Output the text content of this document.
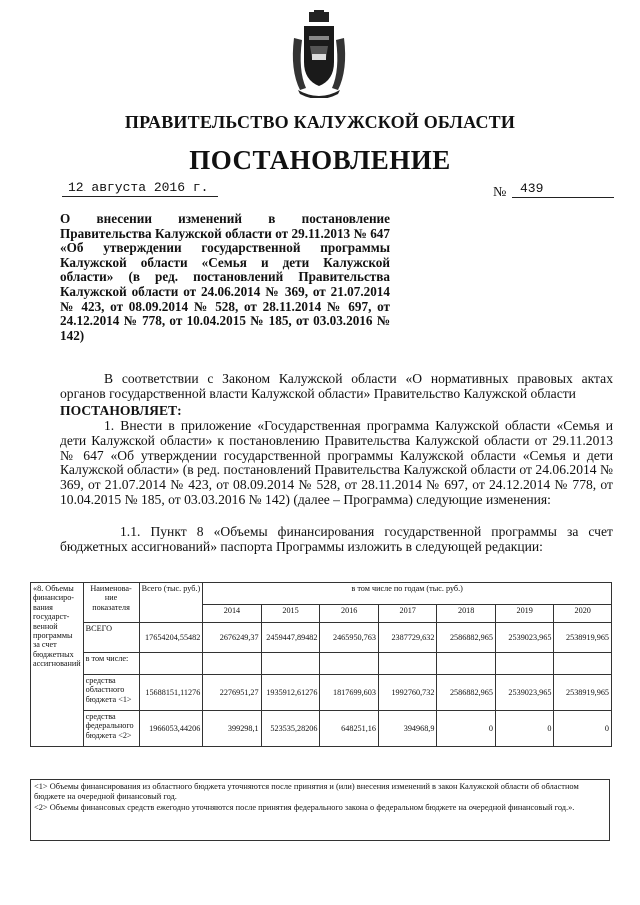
ПРАВИТЕЛЬСТВО КАЛУЖСКОЙ ОБЛАСТИ
ПОСТАНОВЛЕНИЕ
12 августа 2016 г.	№	439
О внесении изменений в постановление Правительства Калужской области от 29.11.2013 № 647 «Об утверждении государственной программы Калужской области «Семья и дети Калужской области» (в ред. постановлений Правительства Калужской области от 24.06.2014 № 369, от 21.07.2014 № 423, от 08.09.2014 № 528, от 28.11.2014 № 697, от 24.12.2014 № 778, от 10.04.2015 № 185, от 03.03.2016 № 142)
В соответствии с Законом Калужской области «О нормативных правовых актах органов государственной власти Калужской области» Правительство Калужской области
ПОСТАНОВЛЯЕТ:
1. Внести в приложение «Государственная программа Калужской области «Семья и дети Калужской области» к постановлению Правительства Калужской области от 29.11.2013 № 647 «Об утверждении государственной программы Калужской области «Семья и дети Калужской области» (в ред. постановлений Правительства Калужской области от 24.06.2014 № 369, от 21.07.2014 № 423, от 08.09.2014 № 528, от 28.11.2014 № 697, от 24.12.2014 № 778, от 10.04.2015 № 185, от 03.03.2016 № 142) (далее – Программа) следующие изменения:
1.1. Пункт 8 «Объемы финансирования государственной программы за счет бюджетных ассигнований» паспорта Программы изложить в следующей редакции:
«8. Объемы финансиро-вания государст-венной программы за счет бюджетных ассигнований	Наименова-ние показателя	Всего (тыс. руб.)	в том числе по годам (тыс. руб.)						
			2014	2015	2016	2017	2018	2019	2020
	ВСЕГО	17654204,55482	2676249,37	2459447,89482	2465950,763	2387729,632	2586882,965	2539023,965	2538919,965
	в том числе:								
	средства областного бюджета <1>	15688151,11276	2276951,27	1935912,61276	1817699,603	1992760,732	2586882,965	2539023,965	2538919,965
	средства федерального бюджета <2>	1966053,44206	399298,1	523535,28206	648251,16	394968,9	0	0	0
<1> Объемы финансирования из областного бюджета уточняются после принятия и (или) внесения изменений в закон Калужской области об областном бюджете на очередной финансовый год.
<2> Объемы финансовых средств ежегодно уточняются после принятия федерального закона о федеральном бюджете на очередной финансовый год.».
